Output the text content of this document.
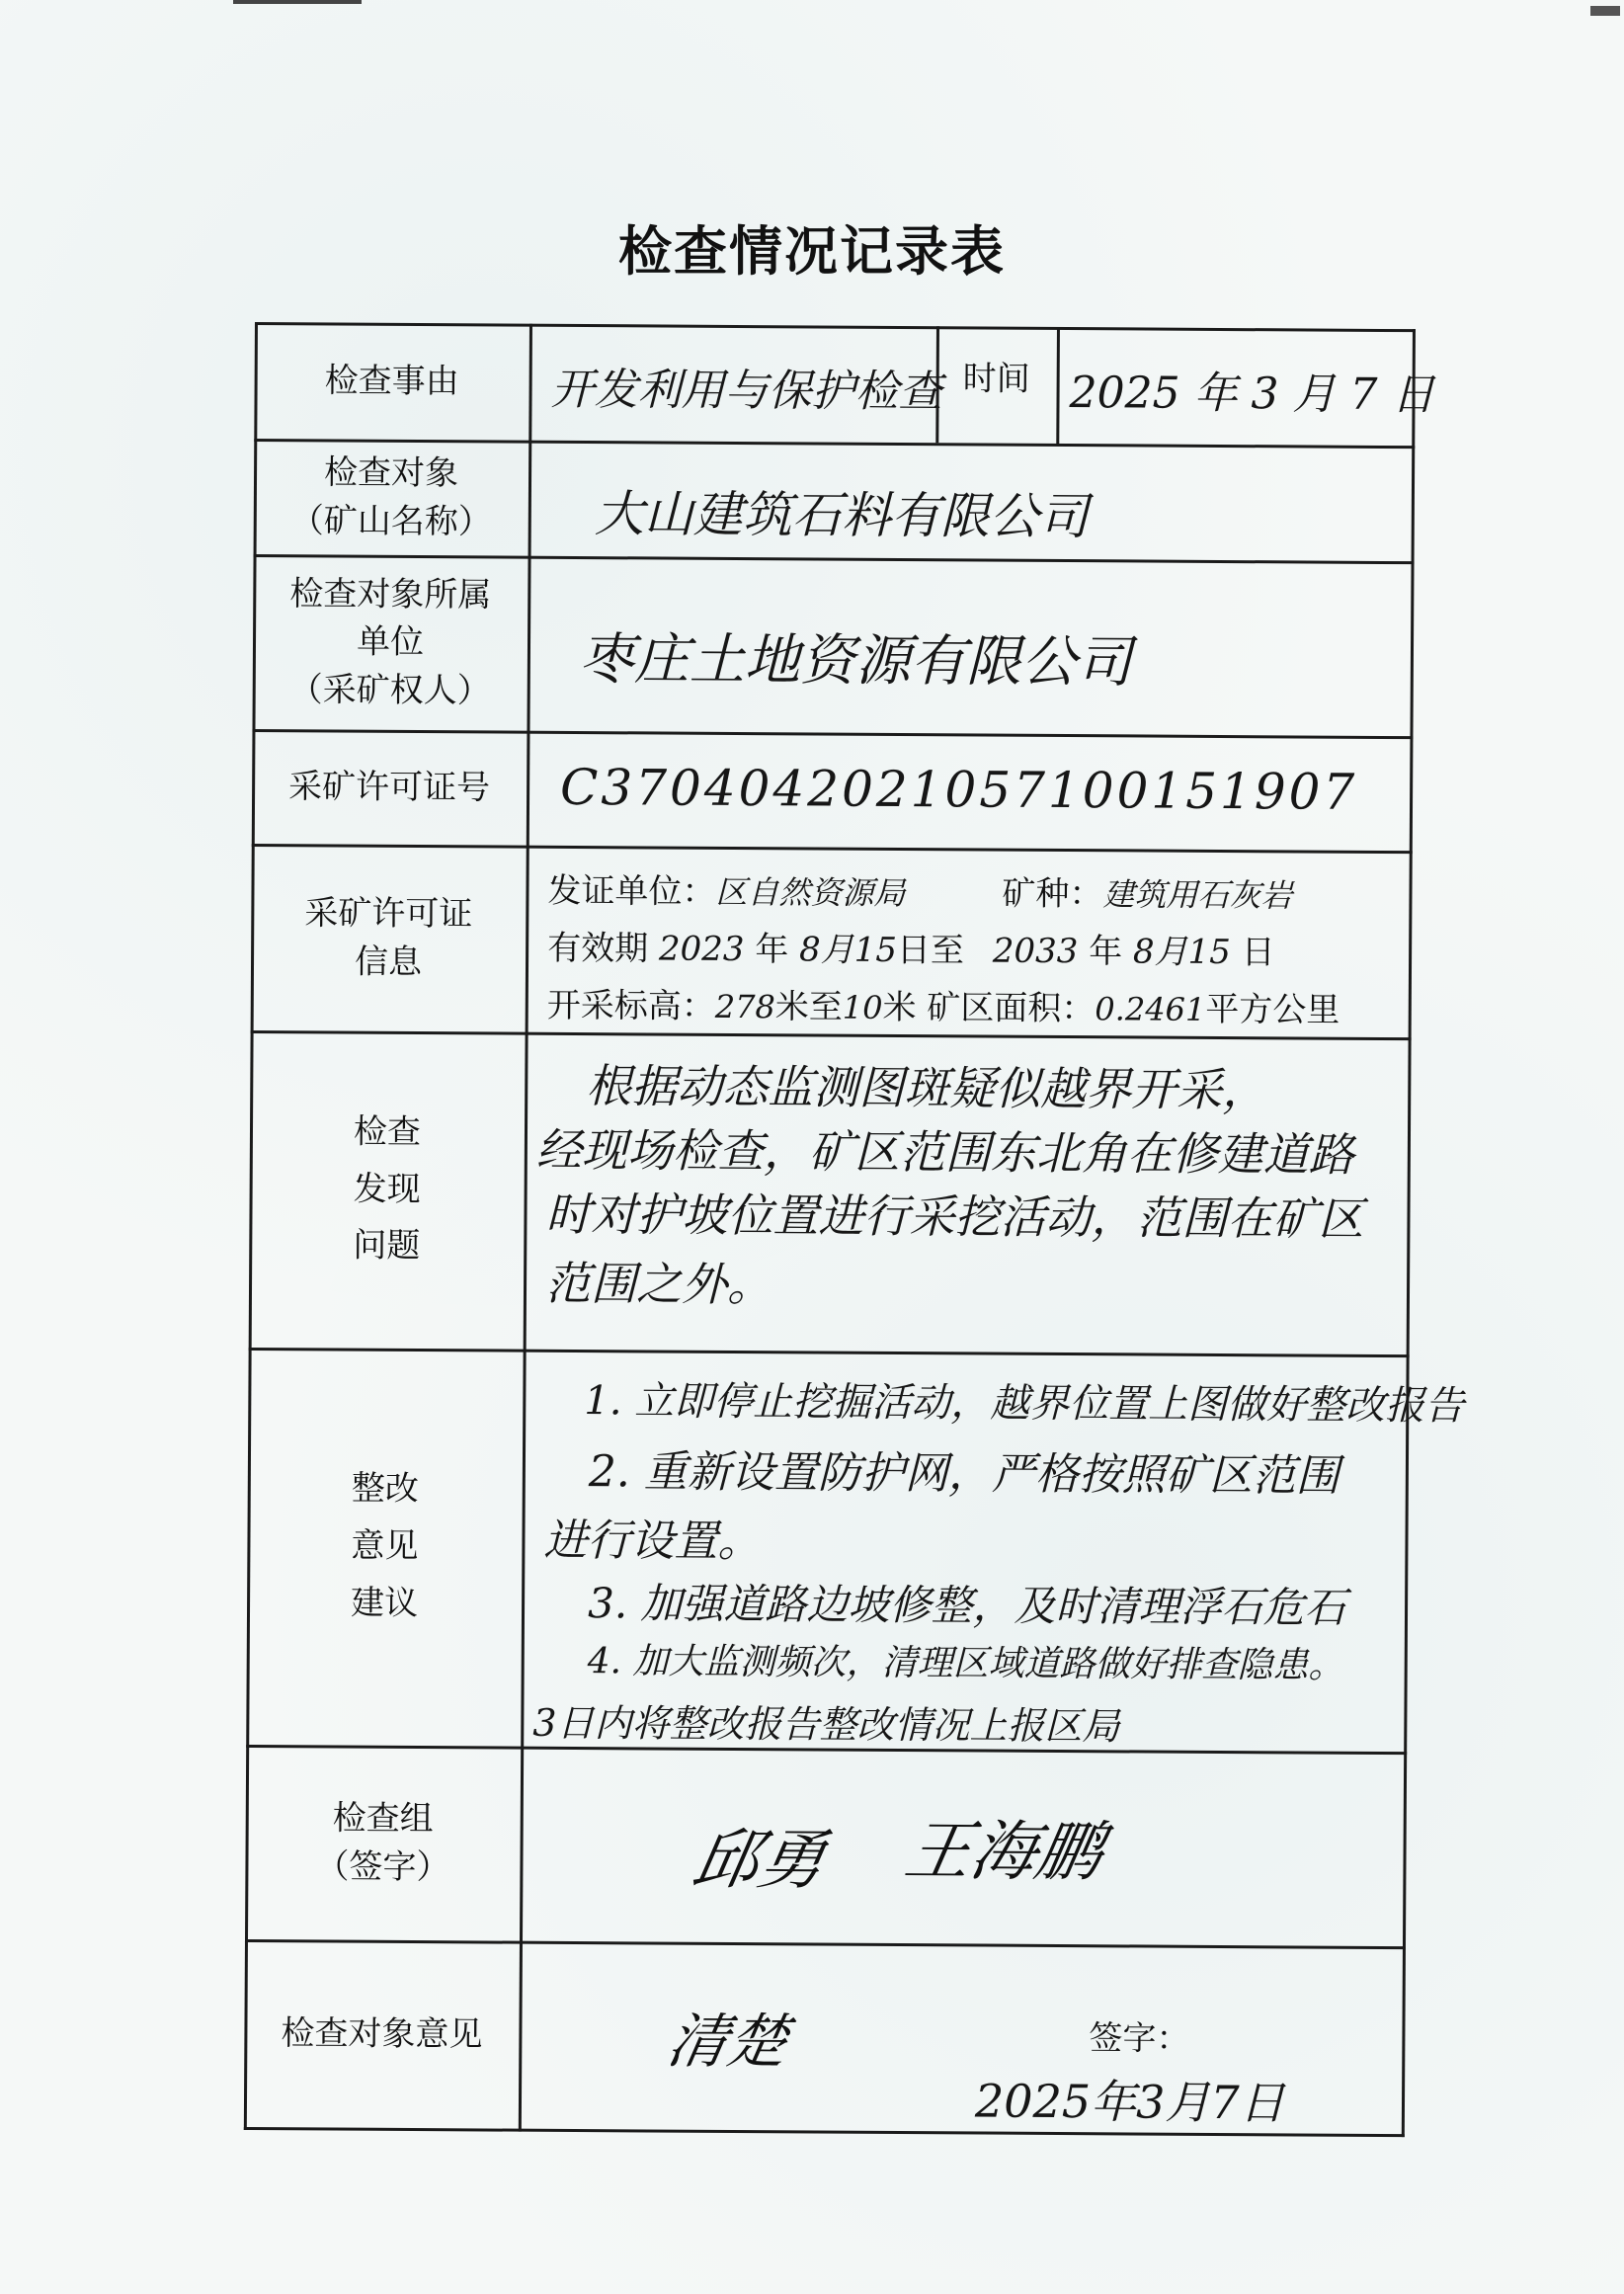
检查情况记录表
检查事由	开发利用与保护检查 时间 2025 年 3 月 7 日
检查对象
（矿山名称） 大山建筑石料有限公司
检查对象所属
单位
（采矿权人） 枣庄土地资源有限公司
采矿许可证号	C3704042021057100151907
采矿许可证
信息
发证单位：区自然资源局	矿种：建筑用石灰岩
有效期 2023 年 8月15日至 2033 年 8月15 日
开采标高：278米至10米 矿区面积：0.2461平方公里
检查
发现
问题
根据动态监测图斑疑似越界开采，
经现场检查，矿区范围东北角在修建道路
时对护坡位置进行采挖活动，范围在矿区
范围之外。
整改
意见
建议
1. 立即停止挖掘活动，越界位置上图做好整改报告
2. 重新设置防护网，严格按照矿区范围
进行设置。
3. 加强道路边坡修整，及时清理浮石危石
4. 加大监测频次，清理区域道路做好排查隐患。
3日内将整改报告整改情况上报区局
检查组
（签字）	邱勇 王海鹏
检查对象意见	清楚	签字：
2025年3月7日
